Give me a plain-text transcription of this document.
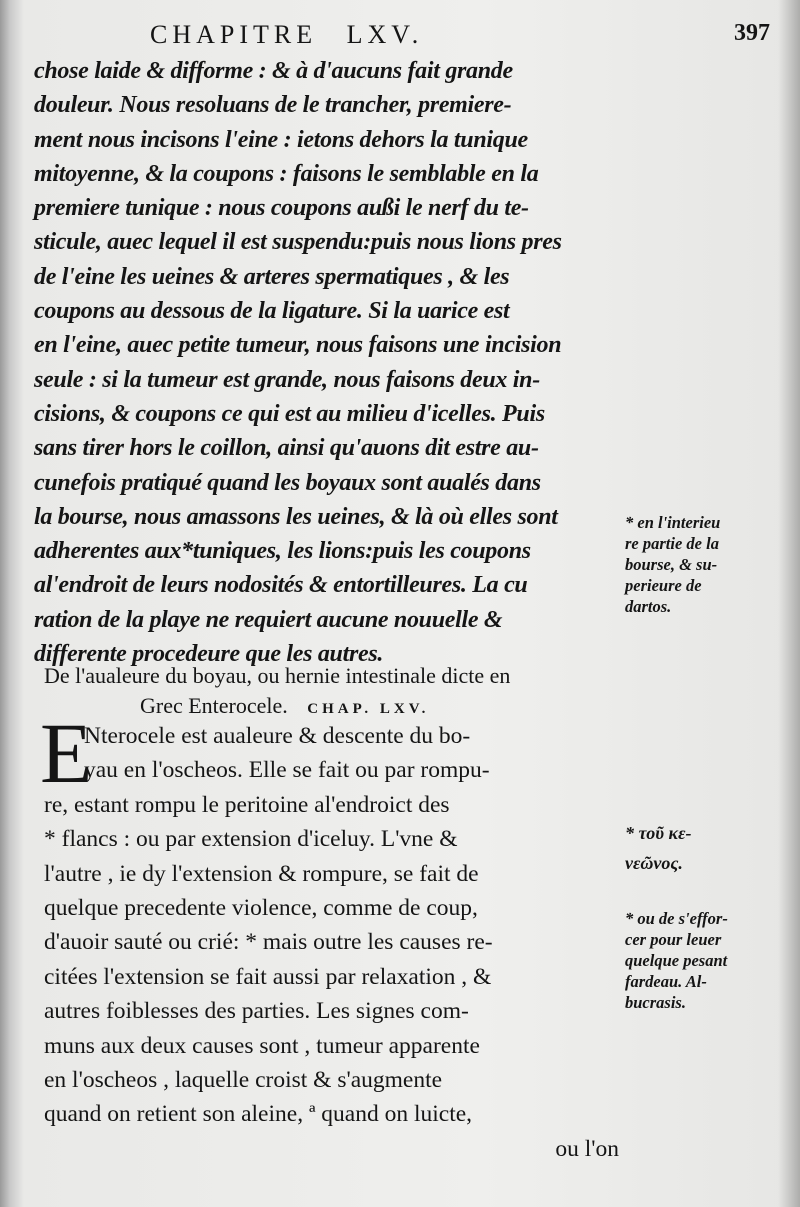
CHAPITRE LXV.	397
chose laide & difforme : & à d'aucuns fait grande
douleur. Nous resoluans de le trancher, premiere-
ment nous incisons l'eine : ietons dehors la tunique
mitoyenne, & la coupons : faisons le semblable en la
premiere tunique : nous coupons außi le nerf du te-
sticule, auec lequel il est suspendu:puis nous lions pres
de l'eine les ueines & arteres spermatiques , & les
coupons au dessous de la ligature. Si la uarice est
en l'eine, auec petite tumeur, nous faisons une incision
seule : si la tumeur est grande, nous faisons deux in-
cisions, & coupons ce qui est au milieu d'icelles. Puis
sans tirer hors le coillon, ainsi qu'auons dit estre au-
cunefois pratiqué quand les boyaux sont aualés dans
la bourse, nous amassons les ueines, & là où elles sont
adherentes aux*tuniques, les lions:puis les coupons
al'endroit de leurs nodosités & entortilleures. La cu
ration de la playe ne requiert aucune nouuelle &
differente procedeure que les autres.
De l'aualeure du boyau, ou hernie intestinale dicte en
Grec Enterocele. CHAP. LXV.
E
Nterocele est aualeure & descente du bo-
yau en l'oscheos. Elle se fait ou par rompu-
re, estant rompu le peritoine al'endroict des
* flancs : ou par extension d'iceluy. L'vne &
l'autre , ie dy l'extension & rompure, se fait de
quelque precedente violence, comme de coup,
d'auoir sauté ou crié: * mais outre les causes re-
citées l'extension se fait aussi par relaxation , &
autres foiblesses des parties. Les signes com-
muns aux deux causes sont , tumeur apparente
en l'oscheos , laquelle croist & s'augmente
quand on retient son aleine, ª quand on luicte,
ou l'on
* en l'interieu
re partie de la
bourse, & su-
perieure de
dartos.
* τοῦ κε-
νεῶνος.
* ou de s'effor-
cer pour leuer
quelque pesant
fardeau. Al-
bucrasis.
